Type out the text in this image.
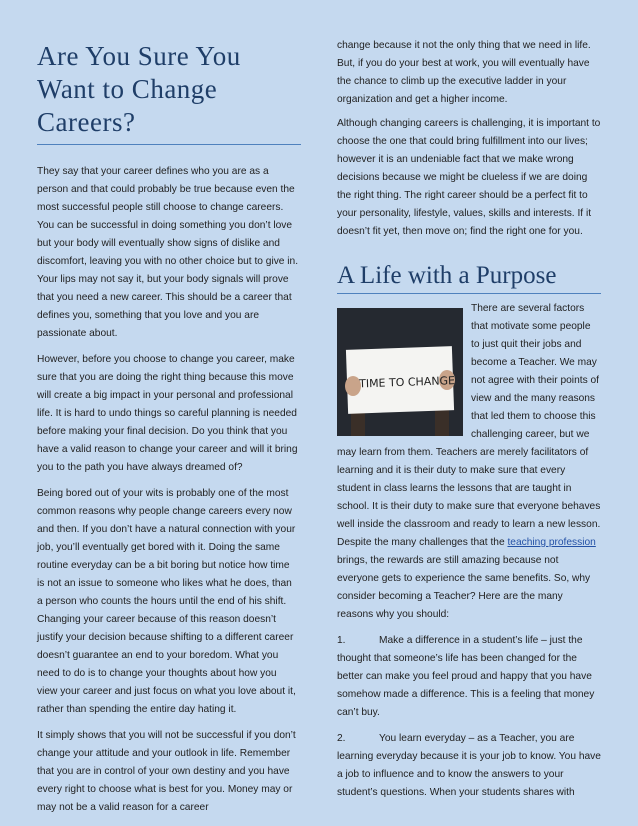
Are You Sure You Want to Change Careers?

They say that your career defines who you are as a person and that could probably be true because even the most successful people still choose to change careers. You can be successful in doing something you don’t love but your body will eventually show signs of dislike and discomfort, leaving you with no other choice but to give in. Your lips may not say it, but your body signals will prove that you need a new career. This should be a career that defines you, something that you love and you are passionate about.

However, before you choose to change you career, make sure that you are doing the right thing because this move will create a big impact in your personal and professional life. It is hard to undo things so careful planning is needed before making your final decision. Do you think that you have a valid reason to change your career and will it bring you to the path you have always dreamed of?

Being bored out of your wits is probably one of the most common reasons why people change careers every now and then. If you don’t have a natural connection with your job, you’ll eventually get bored with it. Doing the same routine everyday can be a bit boring but notice how time is not an issue to someone who likes what he does, than a person who counts the hours until the end of his shift. Changing your career because of this reason doesn’t justify your decision because shifting to a different career doesn’t guarantee an end to your boredom. What you need to do is to change your thoughts about how you view your career and just focus on what you love about it, rather than spending the entire day hating it.

It simply shows that you will not be successful if you don’t change your attitude and your outlook in life. Remember that you are in control of your own destiny and you have every right to choose what is best for you. Money may or may not be a valid reason for a career

change because it not the only thing that we need in life. But, if you do your best at work, you will eventually have the chance to climb up the executive ladder in your organization and get a higher income.

Although changing careers is challenging, it is important to choose the one that could bring fulfillment into our lives; however it is an undeniable fact that we make wrong decisions because we might be clueless if we are doing the right thing. The right career should be a perfect fit to your personality, lifestyle, values, skills and interests. If it doesn’t fit yet, then move on; find the right one for you.

A Life with a Purpose

TIME TO CHANGE
There are several factors that motivate some people to just quit their jobs and become a Teacher. We may not agree with their points of view and the many reasons that led them to choose this challenging career, but we may learn from them. Teachers are merely facilitators of learning and it is their duty to make sure that every student in class learns the lessons that are taught in school. It is their duty to make sure that everyone behaves well inside the classroom and ready to learn a new lesson. Despite the many challenges that the teaching profession brings, the rewards are still amazing because not everyone gets to experience the same benefits. So, why consider becoming a Teacher? Here are the many reasons why you should:

1.	Make a difference in a student’s life – just the thought that someone’s life has been changed for the better can make you feel proud and happy that you have somehow made a difference. This is a feeling that money can’t buy.

2.	You learn everyday – as a Teacher, you are learning everyday because it is your job to know. You have a job to influence and to know the answers to your student’s questions. When your students shares with
